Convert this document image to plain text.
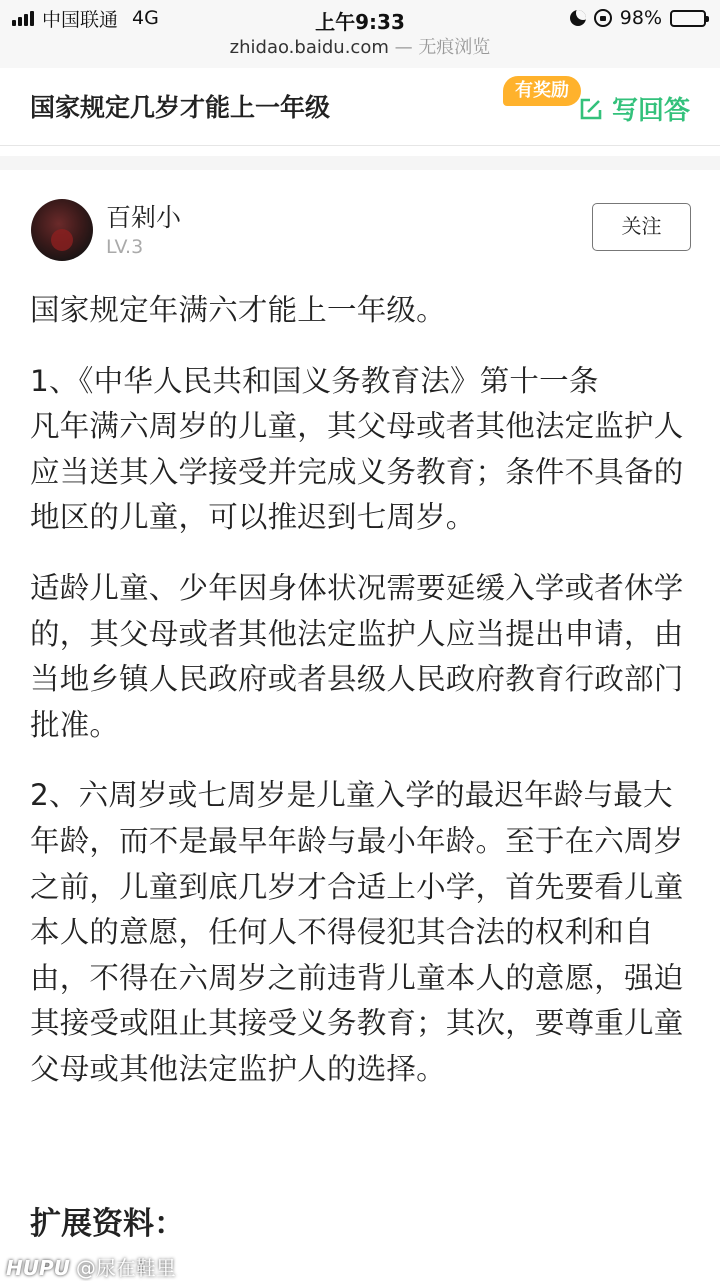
中国联通 4G	上午9:33	98%
zhidao.baidu.com — 无痕浏览
国家规定几岁才能上一年级	写回答
有奖励
百剁小
LV.3
关注

国家规定年满六才能上一年级。

1、《中华人民共和国义务教育法》第十一条
凡年满六周岁的儿童，其父母或者其他法定监护人应当送其入学接受并完成义务教育；条件不具备的地区的儿童，可以推迟到七周岁。

适龄儿童、少年因身体状况需要延缓入学或者休学的，其父母或者其他法定监护人应当提出申请，由当地乡镇人民政府或者县级人民政府教育行政部门批准。

2、六周岁或七周岁是儿童入学的最迟年龄与最大年龄，而不是最早年龄与最小年龄。至于在六周岁之前，儿童到底几岁才合适上小学，首先要看儿童本人的意愿，任何人不得侵犯其合法的权利和自由，不得在六周岁之前违背儿童本人的意愿，强迫其接受或阻止其接受义务教育；其次，要尊重儿童父母或其他法定监护人的选择。

扩展资料：
HUPU @尿在鞋里
